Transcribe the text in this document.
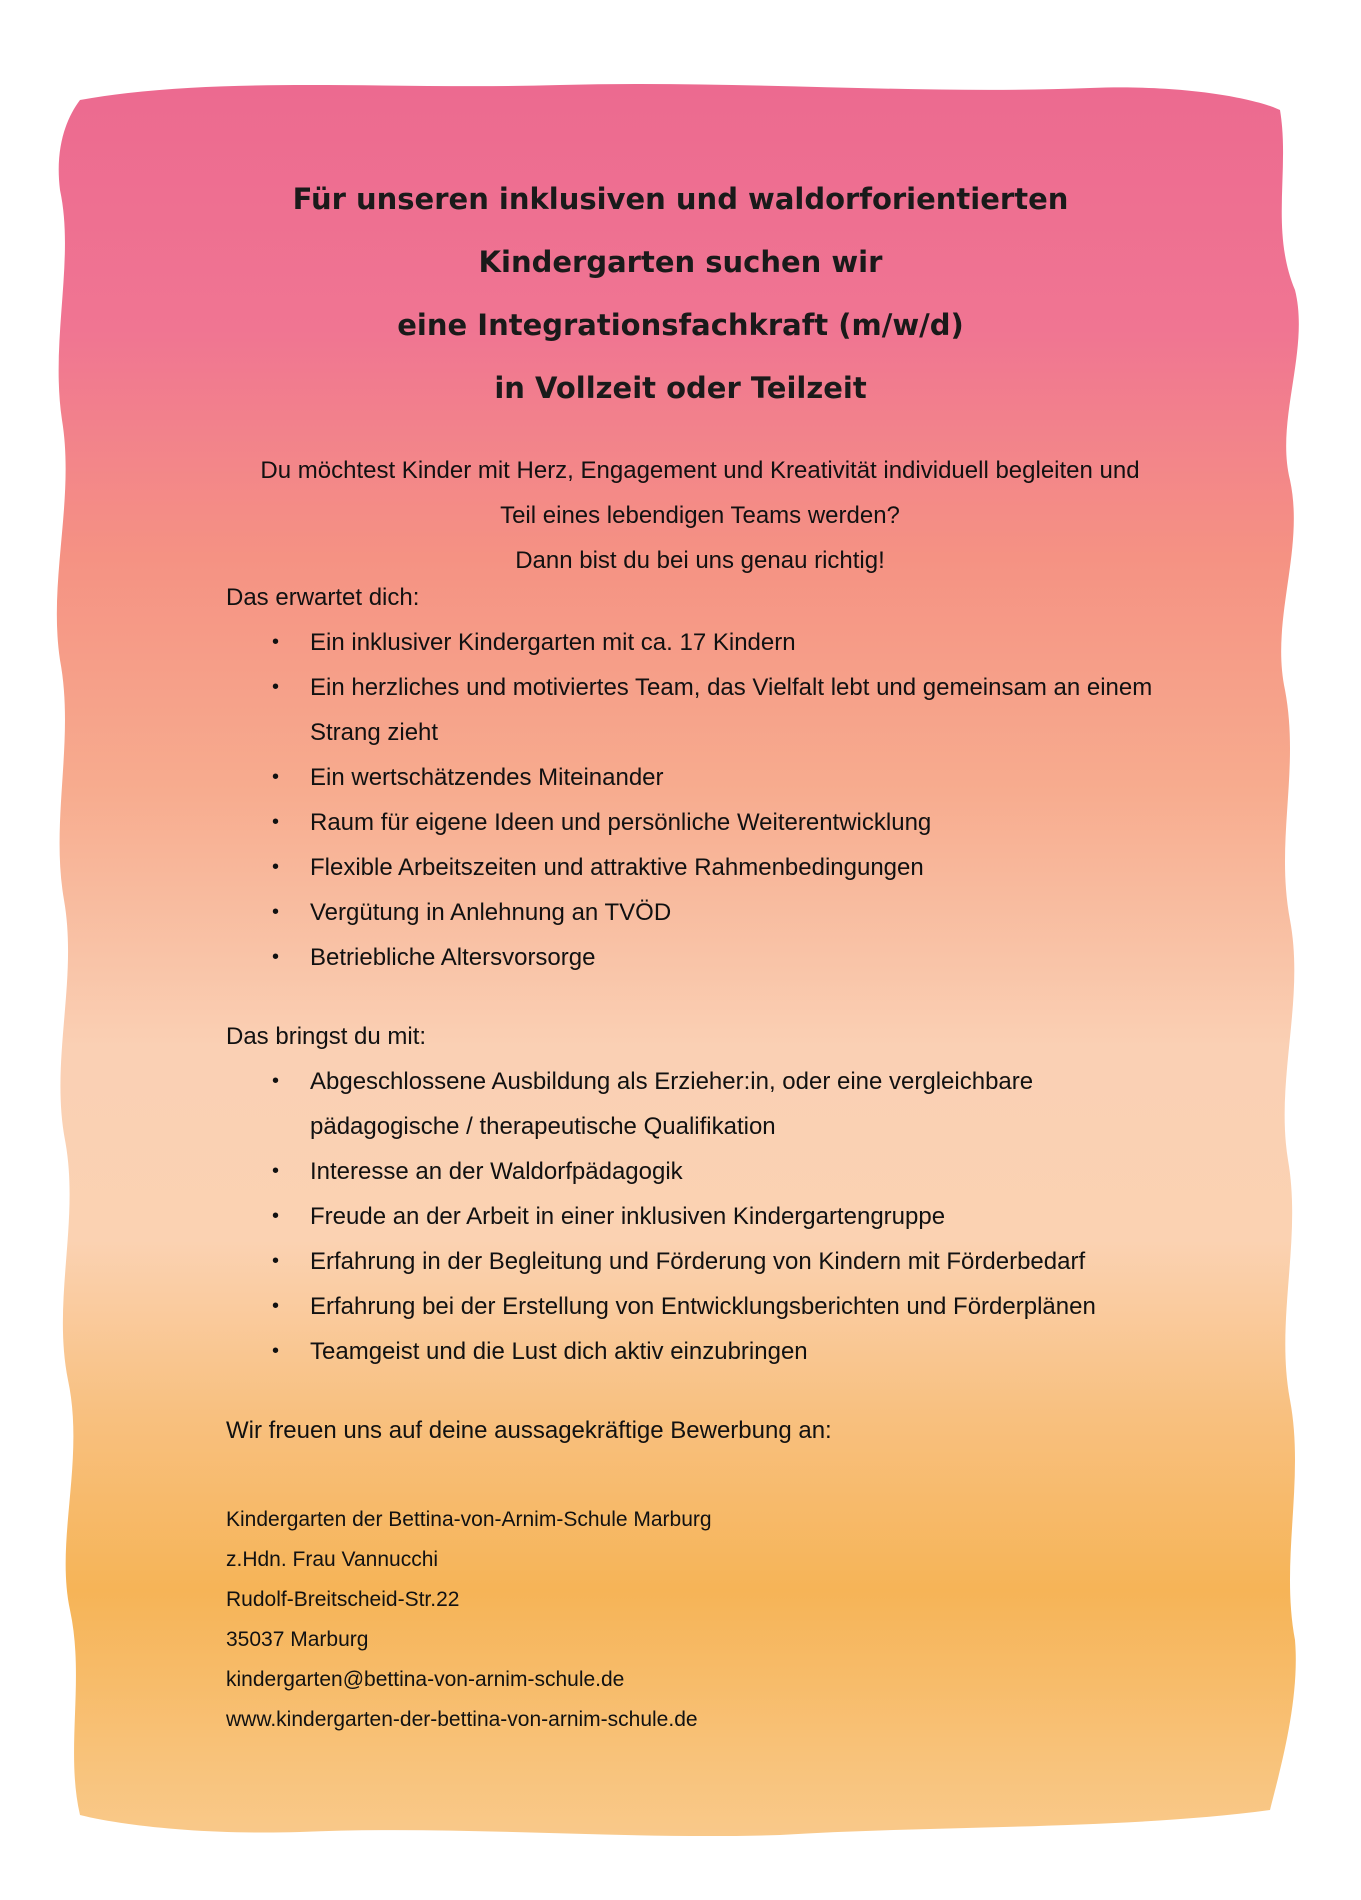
Für unseren inklusiven und waldorforientierten
Kindergarten suchen wir
eine Integrationsfachkraft (m/w/d)
in Vollzeit oder Teilzeit
Du möchtest Kinder mit Herz, Engagement und Kreativität individuell begleiten und
Teil eines lebendigen Teams werden?
Dann bist du bei uns genau richtig!
Das erwartet dich:
• Ein inklusiver Kindergarten mit ca. 17 Kindern
• Ein herzliches und motiviertes Team, das Vielfalt lebt und gemeinsam an einem Strang zieht
• Ein wertschätzendes Miteinander
• Raum für eigene Ideen und persönliche Weiterentwicklung
• Flexible Arbeitszeiten und attraktive Rahmenbedingungen
• Vergütung in Anlehnung an TVÖD
• Betriebliche Altersvorsorge
Das bringst du mit:
• Abgeschlossene Ausbildung als Erzieher:in, oder eine vergleichbare pädagogische / therapeutische Qualifikation
• Interesse an der Waldorfpädagogik
• Freude an der Arbeit in einer inklusiven Kindergartengruppe
• Erfahrung in der Begleitung und Förderung von Kindern mit Förderbedarf
• Erfahrung bei der Erstellung von Entwicklungsberichten und Förderplänen
• Teamgeist und die Lust dich aktiv einzubringen
Wir freuen uns auf deine aussagekräftige Bewerbung an:
Kindergarten der Bettina-von-Arnim-Schule Marburg
z.Hdn. Frau Vannucchi
Rudolf-Breitscheid-Str.22
35037 Marburg
kindergarten@bettina-von-arnim-schule.de
www.kindergarten-der-bettina-von-arnim-schule.de
